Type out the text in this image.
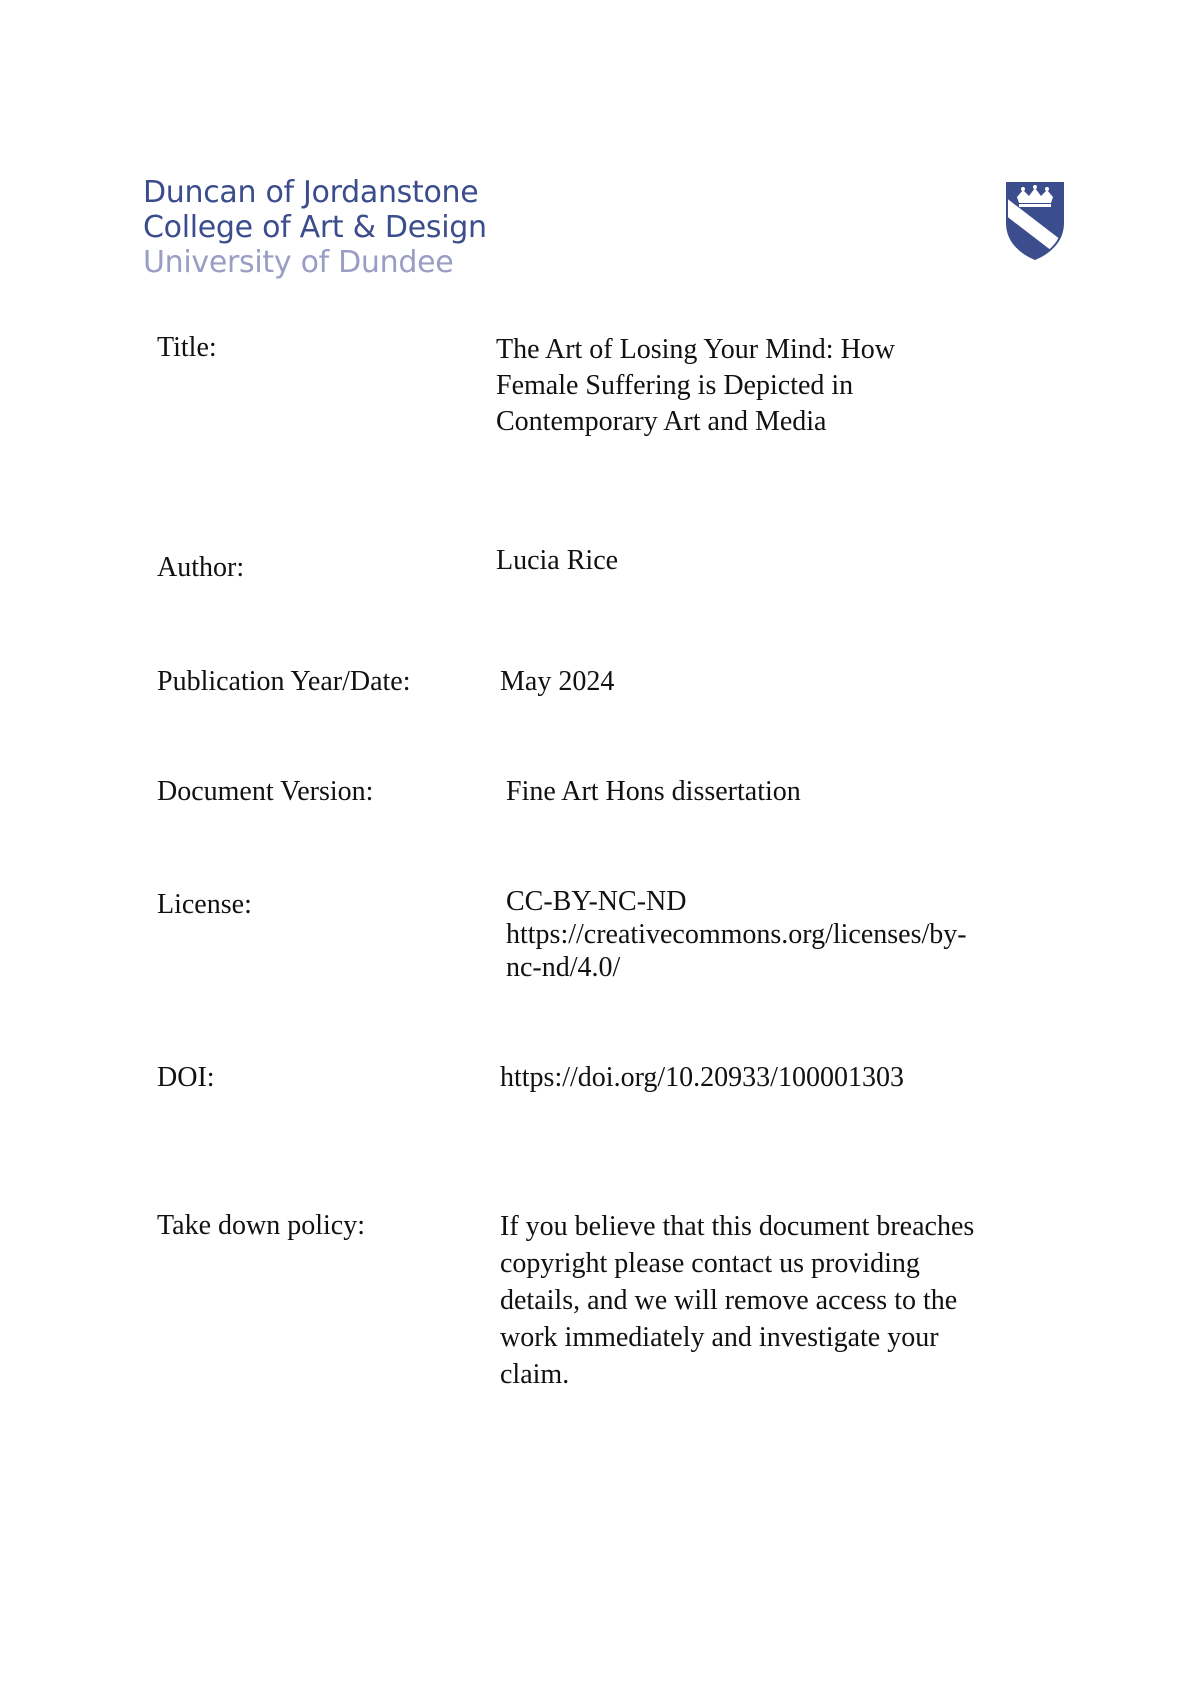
Duncan of Jordanstone
College of Art & Design
University of Dundee

Title:	The Art of Losing Your Mind: How
Female Suffering is Depicted in
Contemporary Art and Media

Author:	Lucia Rice

Publication Year/Date:	May 2024

Document Version:	Fine Art Hons dissertation

License:	CC-BY-NC-ND
https://creativecommons.org/licenses/by-
nc-nd/4.0/

DOI:	https://doi.org/10.20933/100001303

Take down policy:	If you believe that this document breaches
copyright please contact us providing
details, and we will remove access to the
work immediately and investigate your
claim.
